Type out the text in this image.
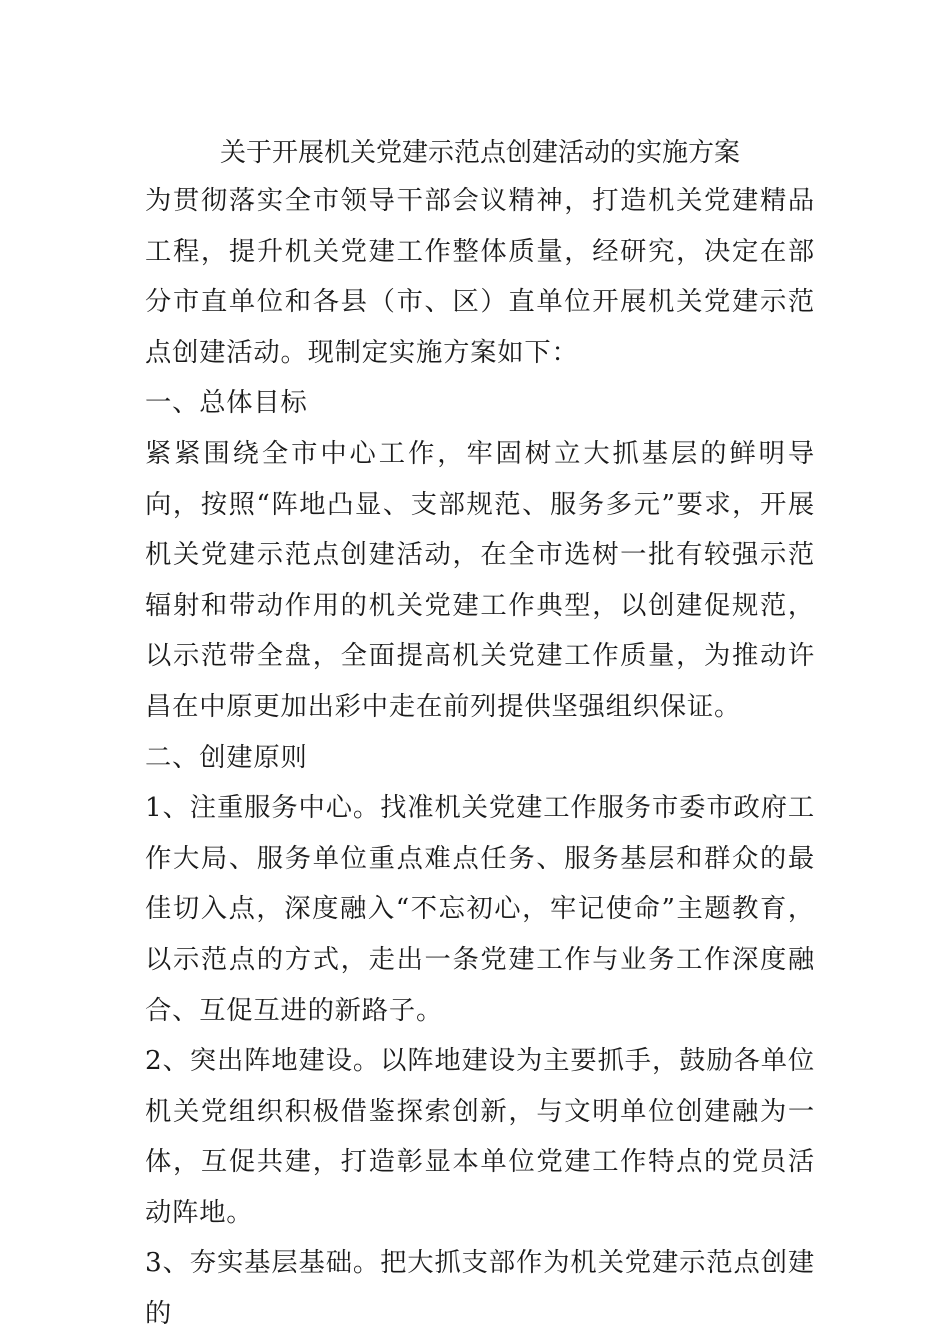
关于开展机关党建示范点创建活动的实施方案

为贯彻落实全市领导干部会议精神，打造机关党建精品工程，提升机关党建工作整体质量，经研究，决定在部分市直单位和各县（市、区）直单位开展机关党建示范点创建活动。现制定实施方案如下：

一、总体目标

紧紧围绕全市中心工作，牢固树立大抓基层的鲜明导向，按照“阵地凸显、支部规范、服务多元”要求，开展机关党建示范点创建活动，在全市选树一批有较强示范辐射和带动作用的机关党建工作典型，以创建促规范，以示范带全盘，全面提高机关党建工作质量，为推动许昌在中原更加出彩中走在前列提供坚强组织保证。

二、创建原则

1、注重服务中心。找准机关党建工作服务市委市政府工作大局、服务单位重点难点任务、服务基层和群众的最佳切入点，深度融入“不忘初心，牢记使命”主题教育，以示范点的方式，走出一条党建工作与业务工作深度融合、互促互进的新路子。

2、突出阵地建设。以阵地建设为主要抓手，鼓励各单位机关党组织积极借鉴探索创新，与文明单位创建融为一体，互促共建，打造彰显本单位党建工作特点的党员活动阵地。

3、夯实基层基础。把大抓支部作为机关党建示范点创建的
